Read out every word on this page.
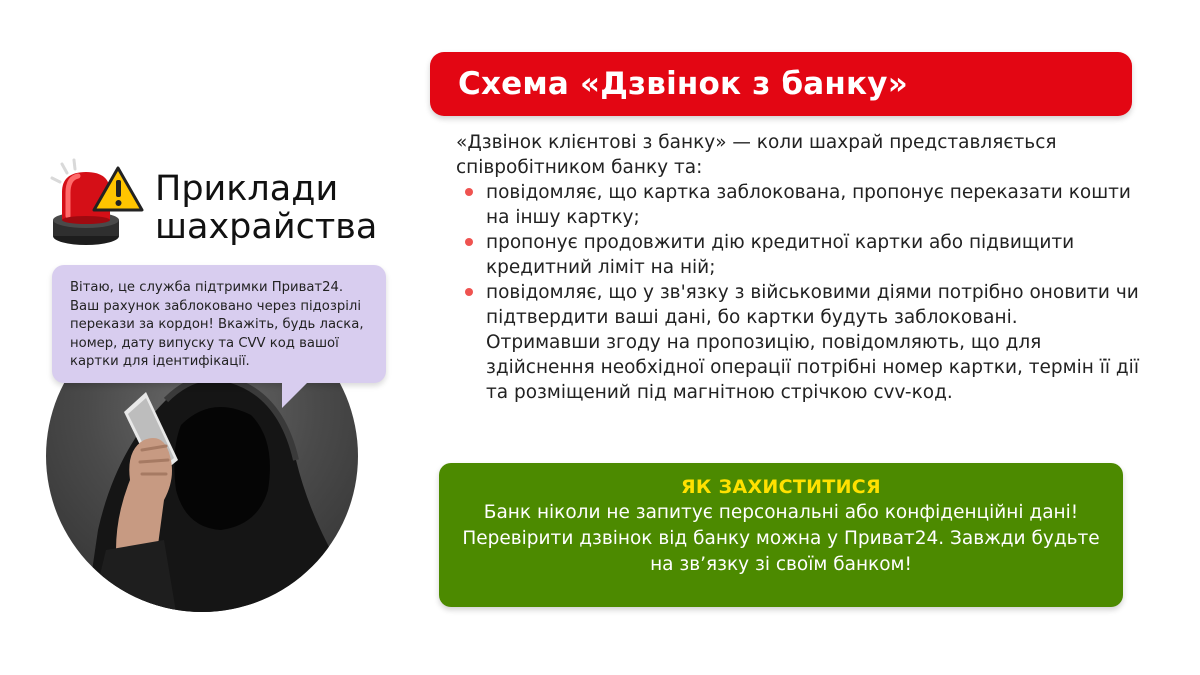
Схема «Дзвінок з банку»

«Дзвінок клієнтові з банку» — коли шахрай представляється співробітником банку та:

повідомляє, що картка заблокована, пропонує переказати кошти на іншу картку;
пропонує продовжити дію кредитної картки або підвищити кредитний ліміт на ній;
повідомляє, що у зв'язку з військовими діями потрібно оновити чи підтвердити ваші дані, бо картки будуть заблоковані.

Отримавши згоду на пропозицію, повідомляють, що для здійснення необхідної операції потрібні номер картки, термін її дії та розміщений під магнітною стрічкою cvv-код.

Приклади
шахрайства
Вітаю, це служба підтримки Приват24. Ваш рахунок заблоковано через підозрілі перекази за кордон! Вкажіть, будь ласка, номер, дату випуску та CVV код вашої картки для ідентифікації.
ЯК ЗАХИСТИТИСЯ

Банк ніколи не запитує персональні або конфіденційні дані! Перевірити дзвінок від банку можна у Приват24. Завжди будьте на зв’язку зі своїм банком!
